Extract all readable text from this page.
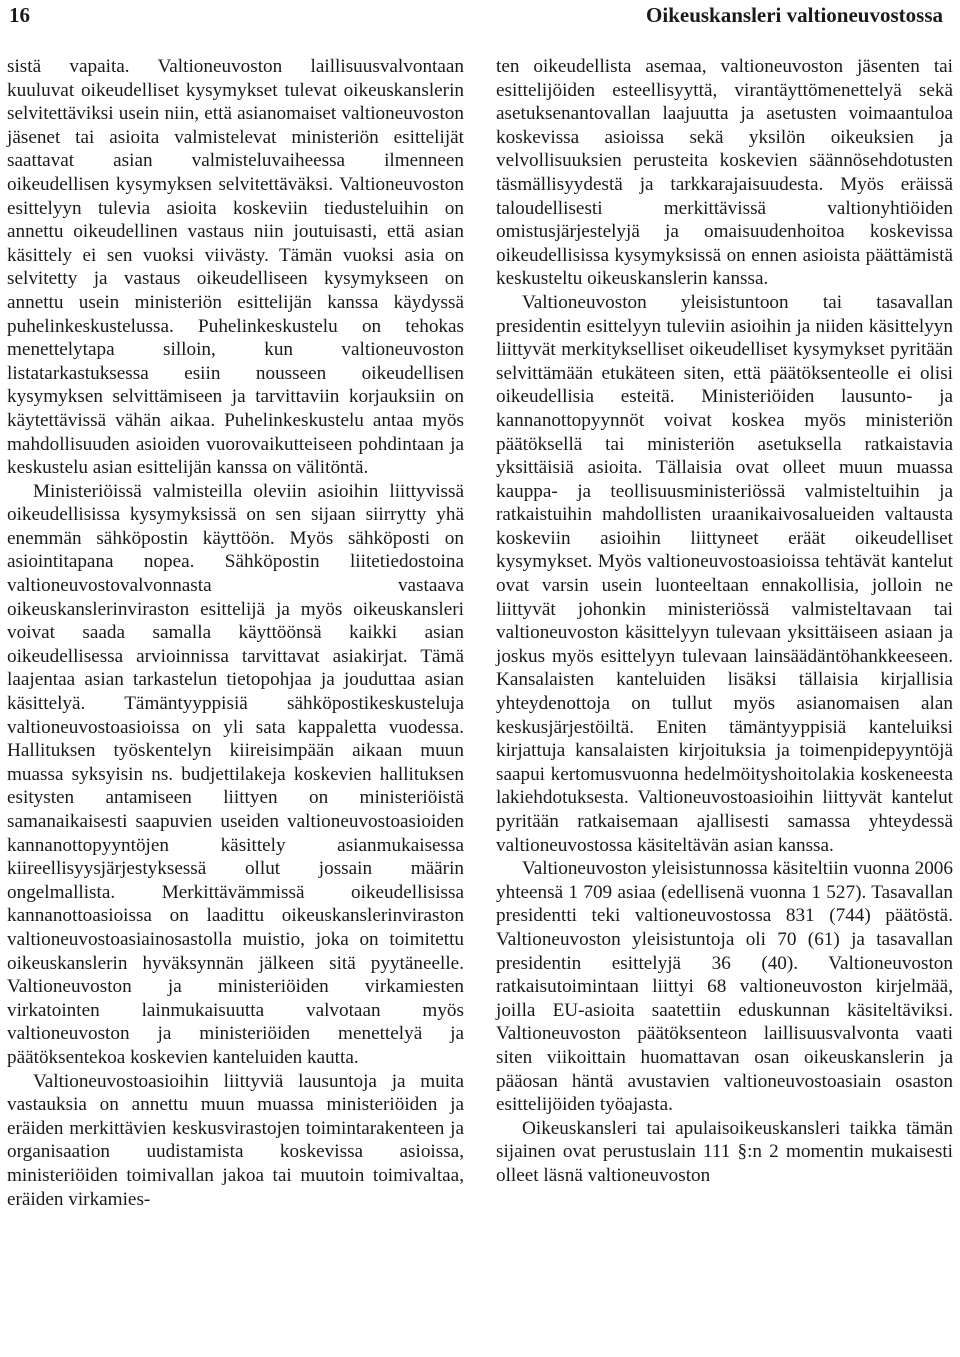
16	Oikeuskansleri valtioneuvostossa

sistä vapaita. Valtioneuvoston laillisuusvalvontaan kuuluvat oikeudelliset kysymykset tulevat oikeuskanslerin selvitettäviksi usein niin, että asianomaiset valtioneuvoston jäsenet tai asioita valmistelevat ministeriön esittelijät saattavat asian valmisteluvaiheessa ilmenneen oikeudellisen kysymyksen selvitettäväksi. Valtioneuvoston esittelyyn tulevia asioita koskeviin tiedusteluihin on annettu oikeudellinen vastaus niin joutuisasti, että asian käsittely ei sen vuoksi viivästy. Tämän vuoksi asia on selvitetty ja vastaus oikeudelliseen kysymykseen on annettu usein ministeriön esittelijän kanssa käydyssä puhelinkeskustelussa. Puhelinkeskustelu on tehokas menettelytapa silloin, kun valtioneuvoston listatarkastuksessa esiin nousseen oikeudellisen kysymyksen selvittämiseen ja tarvittaviin korjauksiin on käytettävissä vähän aikaa. Puhelinkeskustelu antaa myös mahdollisuuden asioiden vuorovaikutteiseen pohdintaan ja keskustelu asian esittelijän kanssa on välitöntä.

Ministeriöissä valmisteilla oleviin asioihin liittyvissä oikeudellisissa kysymyksissä on sen sijaan siirrytty yhä enemmän sähköpostin käyttöön. Myös sähköposti on asiointitapana nopea. Sähköpostin liitetiedostoina valtioneuvostovalvonnasta vastaava oikeuskanslerinviraston esittelijä ja myös oikeuskansleri voivat saada samalla käyttöönsä kaikki asian oikeudellisessa arvioinnissa tarvittavat asiakirjat. Tämä laajentaa asian tarkastelun tietopohjaa ja jouduttaa asian käsittelyä. Tämäntyyppisiä sähköpostikeskusteluja valtioneuvostoasioissa on yli sata kappaletta vuodessa. Hallituksen työskentelyn kiireisimpään aikaan muun muassa syksyisin ns. budjettilakeja koskevien hallituksen esitysten antamiseen liittyen on ministeriöistä samanaikaisesti saapuvien useiden valtioneuvostoasioiden kannanottopyyntöjen käsittely asianmukaisessa kiireellisyysjärjestyksessä ollut jossain määrin ongelmallista. Merkittävämmissä oikeudellisissa kannanottoasioissa on laadittu oikeuskanslerinviraston valtioneuvostoasiainosastolla muistio, joka on toimitettu oikeuskanslerin hyväksynnän jälkeen sitä pyytäneelle. Valtioneuvoston ja ministeriöiden virkamiesten virkatointen lainmukaisuutta valvotaan myös valtioneuvoston ja ministeriöiden menettelyä ja päätöksentekoa koskevien kanteluiden kautta.

Valtioneuvostoasioihin liittyviä lausuntoja ja muita vastauksia on annettu muun muassa ministeriöiden ja eräiden merkittävien keskusvirastojen toimintarakenteen ja organisaation uudistamista koskevissa asioissa, ministeriöiden toimivallan jakoa tai muutoin toimivaltaa, eräiden virkamies-

ten oikeudellista asemaa, valtioneuvoston jäsenten tai esittelijöiden esteellisyyttä, virantäyttömenettelyä sekä asetuksenantovallan laajuutta ja asetusten voimaantuloa koskevissa asioissa sekä yksilön oikeuksien ja velvollisuuksien perusteita koskevien säännösehdotusten täsmällisyydestä ja tarkkarajaisuudesta. Myös eräissä taloudellisesti merkittävissä valtionyhtiöiden omistusjärjestelyjä ja omaisuudenhoitoa koskevissa oikeudellisissa kysymyksissä on ennen asioista päättämistä keskusteltu oikeuskanslerin kanssa.

Valtioneuvoston yleisistuntoon tai tasavallan presidentin esittelyyn tuleviin asioihin ja niiden käsittelyyn liittyvät merkitykselliset oikeudelliset kysymykset pyritään selvittämään etukäteen siten, että päätöksenteolle ei olisi oikeudellisia esteitä. Ministeriöiden lausunto- ja kannanottopyynnöt voivat koskea myös ministeriön päätöksellä tai ministeriön asetuksella ratkaistavia yksittäisiä asioita. Tällaisia ovat olleet muun muassa kauppa- ja teollisuusministeriössä valmisteltuihin ja ratkaistuihin mahdollisten uraanikaivosalueiden valtausta koskeviin asioihin liittyneet eräät oikeudelliset kysymykset. Myös valtioneuvostoasioissa tehtävät kantelut ovat varsin usein luonteeltaan ennakollisia, jolloin ne liittyvät johonkin ministeriössä valmisteltavaan tai valtioneuvoston käsittelyyn tulevaan yksittäiseen asiaan ja joskus myös esittelyyn tulevaan lainsäädäntöhankkeeseen. Kansalaisten kanteluiden lisäksi tällaisia kirjallisia yhteydenottoja on tullut myös asianomaisen alan keskusjärjestöiltä. Eniten tämäntyyppisiä kanteluiksi kirjattuja kansalaisten kirjoituksia ja toimenpidepyyntöjä saapui kertomusvuonna hedelmöityshoitolakia koskeneesta lakiehdotuksesta. Valtioneuvostoasioihin liittyvät kantelut pyritään ratkaisemaan ajallisesti samassa yhteydessä valtioneuvostossa käsiteltävän asian kanssa.

Valtioneuvoston yleisistunnossa käsiteltiin vuonna 2006 yhteensä 1 709 asiaa (edellisenä vuonna 1 527). Tasavallan presidentti teki valtioneuvostossa 831 (744) päätöstä. Valtioneuvoston yleisistuntoja oli 70 (61) ja tasavallan presidentin esittelyjä 36 (40). Valtioneuvoston ratkaisutoimintaan liittyi 68 valtioneuvoston kirjelmää, joilla EU-asioita saatettiin eduskunnan käsiteltäviksi. Valtioneuvoston päätöksenteon laillisuusvalvonta vaati siten viikoittain huomattavan osan oikeuskanslerin ja pääosan häntä avustavien valtioneuvostoasiain osaston esittelijöiden työajasta.

Oikeuskansleri tai apulaisoikeuskansleri taikka tämän sijainen ovat perustuslain 111 §:n 2 momentin mukaisesti olleet läsnä valtioneuvoston
